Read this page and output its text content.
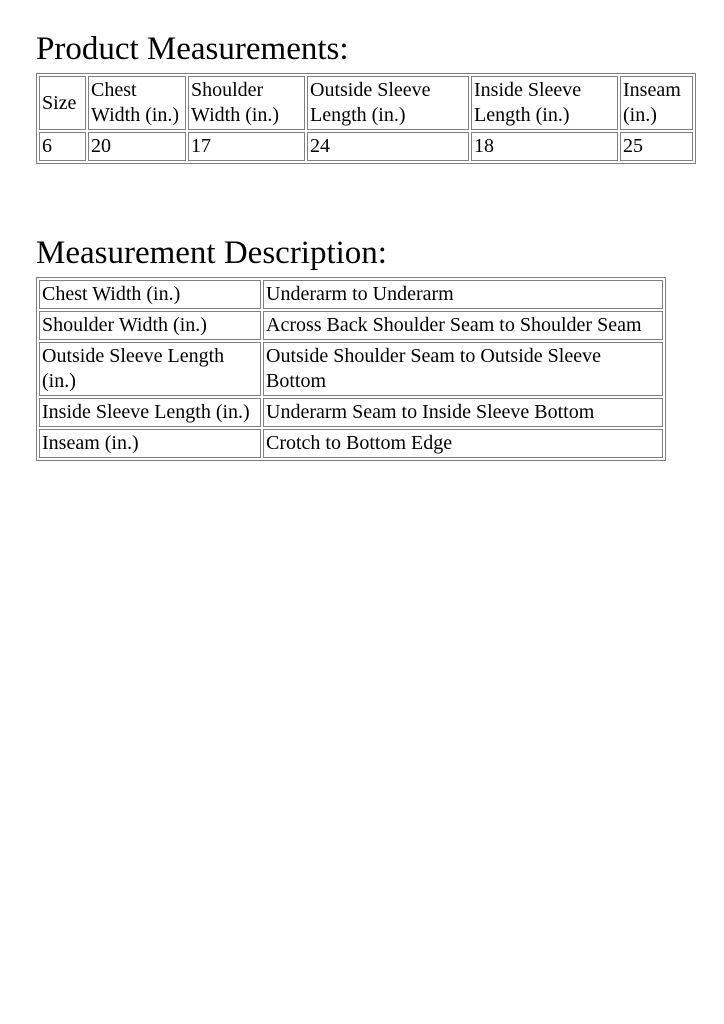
Product Measurements:
Size	Chest Width (in.)	Shoulder Width (in.)	Outside Sleeve Length (in.)	Inside Sleeve Length (in.)	Inseam (in.)
6	20	17	24	18	25
Measurement Description:
Chest Width (in.)	Underarm to Underarm
Shoulder Width (in.)	Across Back Shoulder Seam to Shoulder Seam
Outside Sleeve Length (in.)	Outside Shoulder Seam to Outside Sleeve Bottom
Inside Sleeve Length (in.)	Underarm Seam to Inside Sleeve Bottom
Inseam (in.)	Crotch to Bottom Edge
